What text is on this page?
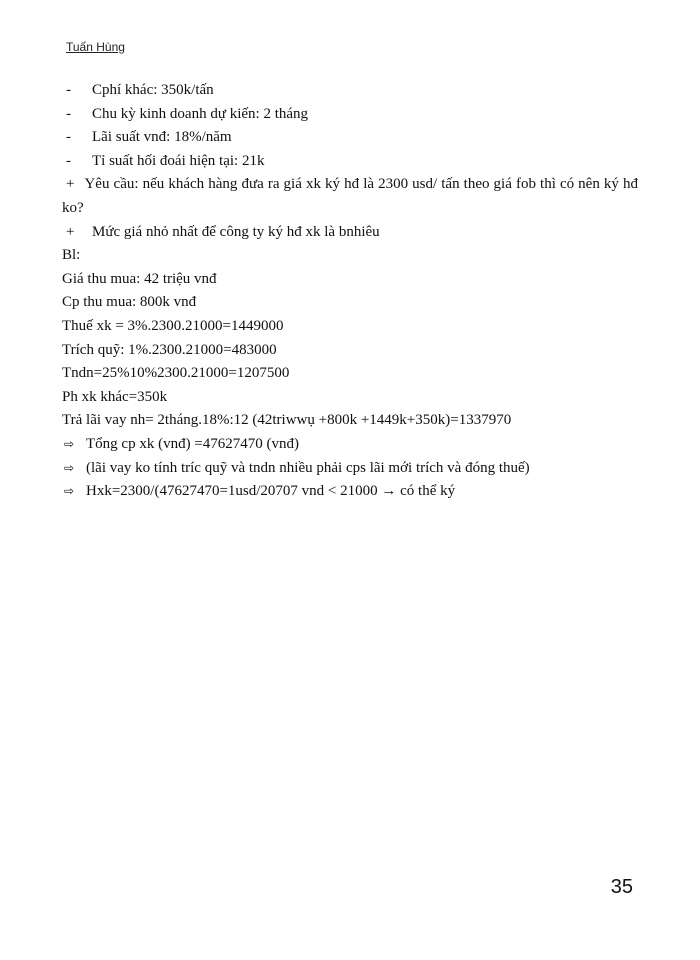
Tuấn Hùng
-	Cphí khác: 350k/tấn
-	Chu kỳ kinh doanh dự kiến: 2 tháng
-	Lãi suất vnđ: 18%/năm
-	Tỉ suất hối đoái hiện tại: 21k
+ Yêu cầu: nếu khách hàng đưa ra giá xk ký hđ là 2300 usd/ tấn theo giá fob thì có nên ký hđ ko?
+	Mức giá nhỏ nhất để công ty ký hđ xk là bnhiêu
Bl:
Giá thu mua: 42 triệu vnđ
Cp thu mua: 800k vnđ
Thuế xk = 3%.2300.21000=1449000
Trích quỹ: 1%.2300.21000=483000
Tndn=25%10%2300.21000=1207500
Ph xk khác=350k
Trả lãi vay nh= 2tháng.18%:12 (42triwwụ +800k +1449k+350k)=1337970
⇨ Tổng cp xk (vnđ) =47627470 (vnđ)
⇨ (lãi vay ko tính tríc quỹ và tndn nhiều phải cps lãi mới trích và đóng thuế)
⇨ Hxk=2300/(47627470=1usd/20707 vnd < 21000 → có thể ký
35
